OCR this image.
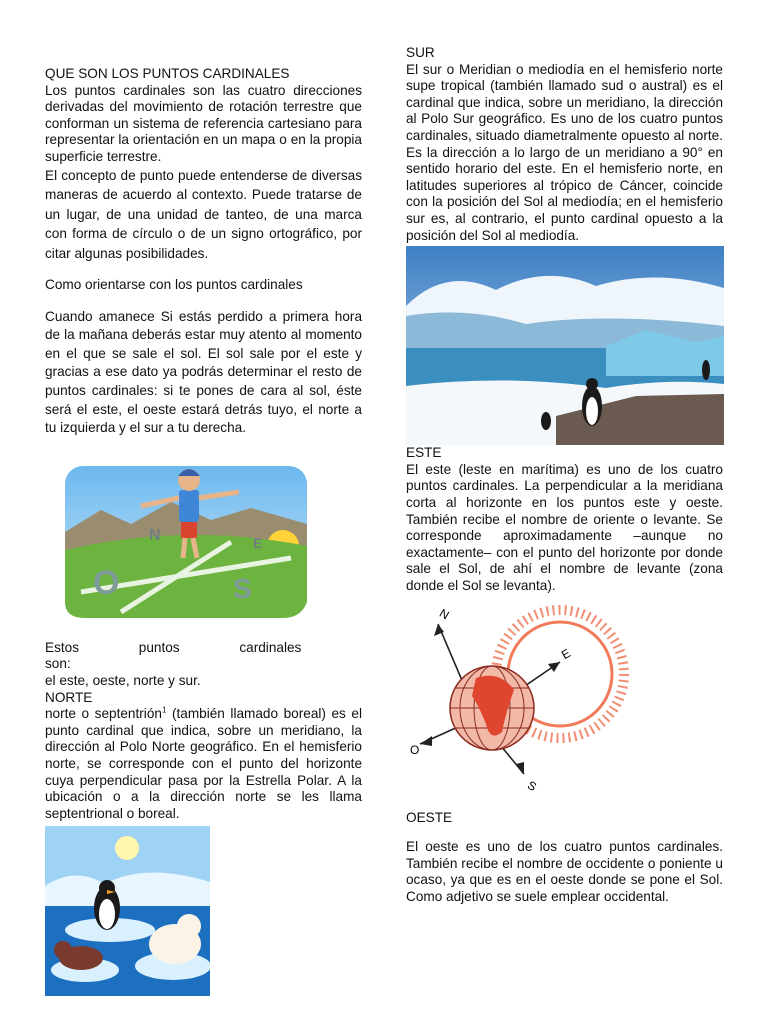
QUE SON LOS PUNTOS CARDINALES

Los puntos cardinales son las cuatro direcciones derivadas del movimiento de rotación terrestre que conforman un sistema de referencia cartesiano para representar la orientación en un mapa o en la propia superficie terrestre.

El concepto de punto puede entenderse de diversas maneras de acuerdo al contexto. Puede tratarse de un lugar, de una unidad de tanteo, de una marca con forma de círculo o de un signo ortográfico, por citar algunas posibilidades.

Como orientarse con los puntos cardinales

Cuando amanece Si estás perdido a primera hora de la mañana deberás estar muy atento al momento en el que se sale el sol. El sol sale por el este y gracias a ese dato ya podrás determinar el resto de puntos cardinales: si te pones de cara al sol, éste será el este, el oeste estará detrás tuyo, el norte a tu izquierda y el sur a tu derecha.

N	E
O	S

Estos puntos cardinales son:

el este, oeste, norte y sur.

NORTE

norte o septentrión$^1$ (también llamado boreal) es el punto cardinal que indica, sobre un meridiano, la dirección al Polo Norte geográfico. En el hemisferio norte, se corresponde con el punto del horizonte cuya perpendicular pasa por la Estrella Polar. A la ubicación o a la dirección norte se les llama septentrional o boreal.

SUR

El sur o Meridian o mediodía en el hemisferio norte supe tropical (también llamado sud o austral) es el cardinal que indica, sobre un meridiano, la dirección al Polo Sur geográfico. Es uno de los cuatro puntos cardinales, situado diametralmente opuesto al norte. Es la dirección a lo largo de un meridiano a 90° en sentido horario del este. En el hemisferio norte, en latitudes superiores al trópico de Cáncer, coincide con la posición del Sol al mediodía; en el hemisferio sur es, al contrario, el punto cardinal opuesto a la posición del Sol al mediodía.

ESTE

El este (leste en marítima) es uno de los cuatro puntos cardinales. La perpendicular a la meridiana corta al horizonte en los puntos este y oeste. También recibe el nombre de oriente o levante. Se corresponde aproximadamente –aunque no exactamente– con el punto del horizonte por donde sale el Sol, de ahí el nombre de levante (zona donde el Sol se levanta).

N
E
O
S

OESTE

El oeste es uno de los cuatro puntos cardinales. También recibe el nombre de occidente o poniente u ocaso, ya que es en el oeste donde se pone el Sol. Como adjetivo se suele emplear occidental.
